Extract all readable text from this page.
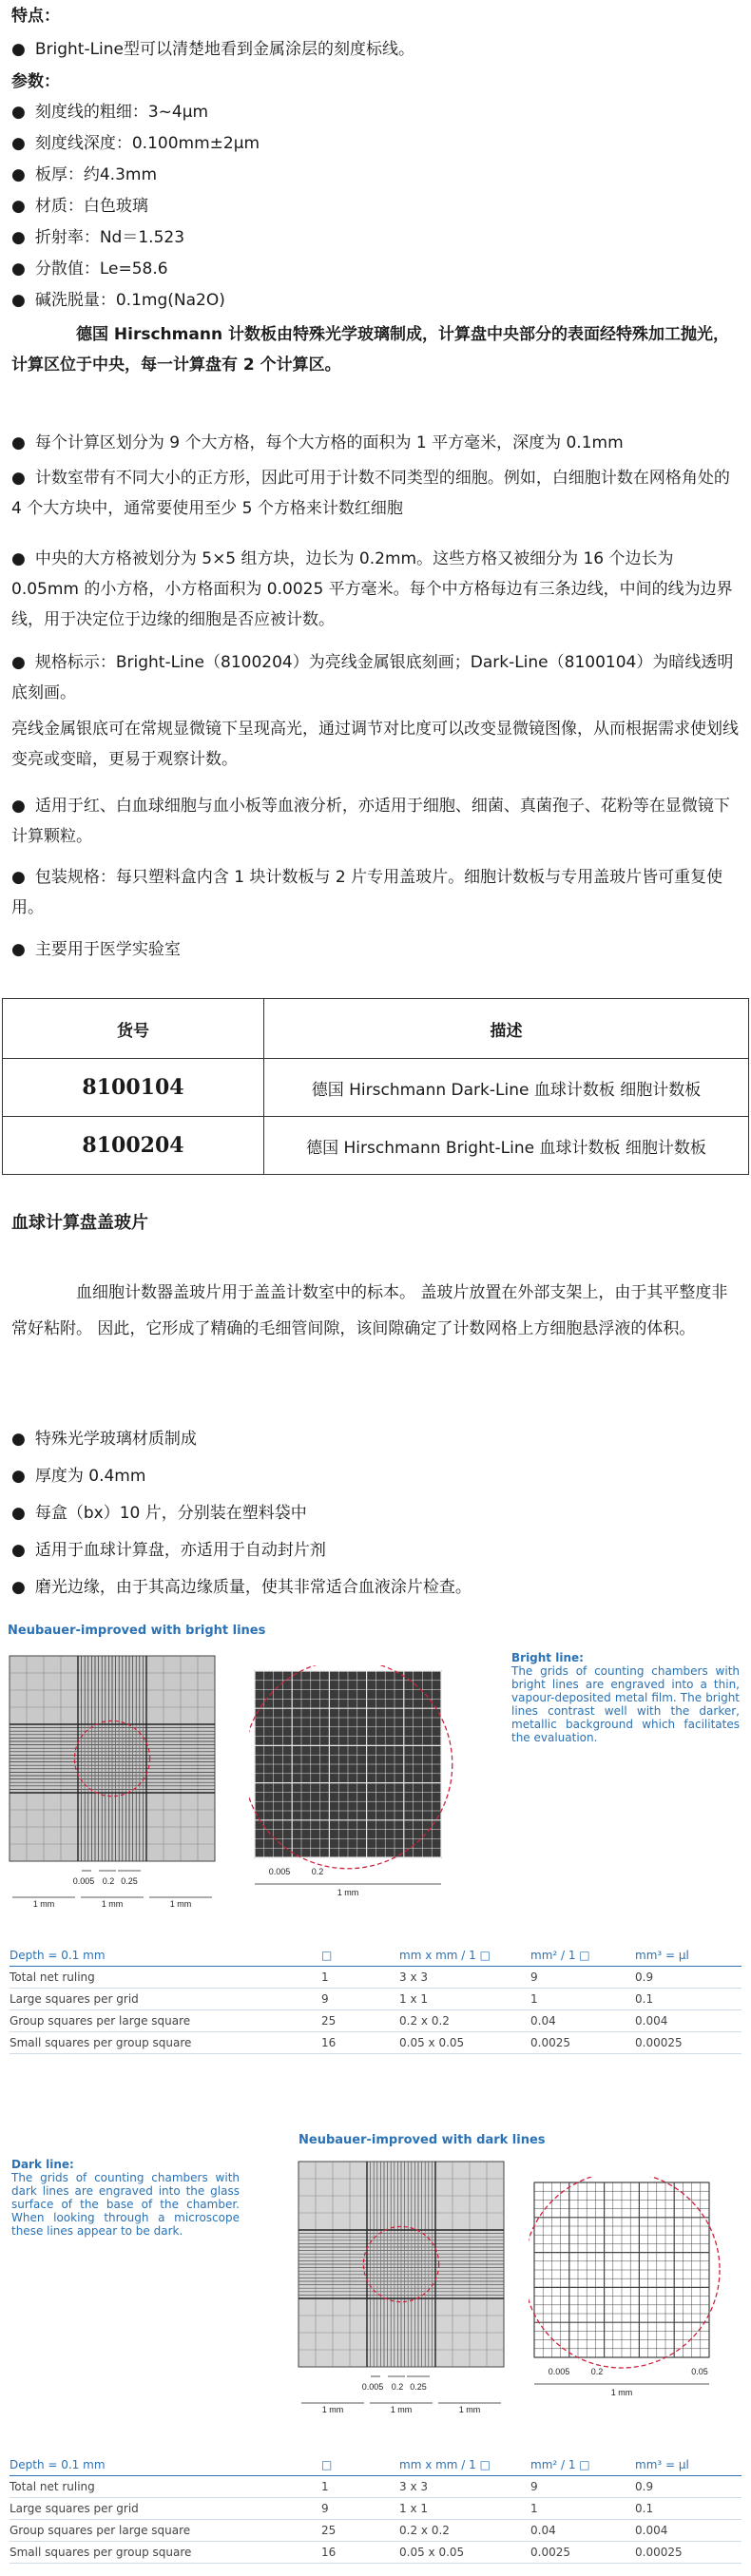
特点：
● Bright-Line型可以清楚地看到金属涂层的刻度标线。
参数：
● 刻度线的粗细：3~4μm
● 刻度线深度：0.100mm±2μm
● 板厚：约4.3mm
● 材质：白色玻璃
● 折射率：Nd＝1.523
● 分散值：Le=58.6
● 碱洗脱量：0.1mg(Na2O)
德国 Hirschmann 计数板由特殊光学玻璃制成，计算盘中央部分的表面经特殊加工抛光，计算区位于中央，每一计算盘有 2 个计算区。
● 每个计算区划分为 9 个大方格，每个大方格的面积为 1 平方毫米，深度为 0.1mm
● 计数室带有不同大小的正方形，因此可用于计数不同类型的细胞。例如，白细胞计数在网格角处的 4 个大方块中，通常要使用至少 5 个方格来计数红细胞
● 中央的大方格被划分为 5×5 组方块，边长为 0.2mm。这些方格又被细分为 16 个边长为 0.05mm 的小方格，小方格面积为 0.0025 平方毫米。每个中方格每边有三条边线，中间的线为边界线，用于决定位于边缘的细胞是否应被计数。
● 规格标示：Bright-Line（8100204）为亮线金属银底刻画；Dark-Line（8100104）为暗线透明底刻画。
亮线金属银底可在常规显微镜下呈现高光，通过调节对比度可以改变显微镜图像，从而根据需求使划线变亮或变暗，更易于观察计数。
● 适用于红、白血球细胞与血小板等血液分析，亦适用于细胞、细菌、真菌孢子、花粉等在显微镜下计算颗粒。
● 包装规格：每只塑料盒内含 1 块计数板与 2 片专用盖玻片。细胞计数板与专用盖玻片皆可重复使用。
● 主要用于医学实验室
货号	描述
8100104	德国 Hirschmann Dark-Line 血球计数板 细胞计数板
8100204	德国 Hirschmann Bright-Line 血球计数板 细胞计数板
血球计算盘盖玻片
血细胞计数器盖玻片用于盖盖计数室中的标本。 盖玻片放置在外部支架上，由于其平整度非常好粘附。 因此，它形成了精确的毛细管间隙，该间隙确定了计数网格上方细胞悬浮液的体积。
● 特殊光学玻璃材质制成
● 厚度为 0.4mm
● 每盒（bx）10 片，分别装在塑料袋中
● 适用于血球计算盘，亦适用于自动封片剂
● 磨光边缘，由于其高边缘质量，使其非常适合血液涂片检查。
Neubauer-improved with bright lines
0.005 0.2 0.25
1 mm	1 mm	1 mm
0.005 0.2
1 mm
Bright line:
The grids of counting chambers with bright lines are engraved into a thin, vapour-deposited metal film. The bright lines contrast well with the darker, metallic background which facilitates the evaluation.
Depth = 0.1 mm	□	mm x mm / 1 □	mm² / 1 □	mm³ = μl
Total net ruling	1	3 x 3	9	0.9
Large squares per grid	9	1 x 1	1	0.1
Group squares per large square	25	0.2 x 0.2	0.04	0.004
Small squares per group square	16	0.05 x 0.05	0.0025	0.00025
Neubauer-improved with dark lines
Dark line:
The grids of counting chambers with dark lines are engraved into the glass surface of the base of the chamber. When looking through a microscope these lines appear to be dark.
0.005 0.2 0.25
1 mm	1 mm	1 mm
0.005 0.2	0.05
1 mm
Depth = 0.1 mm	□	mm x mm / 1 □	mm² / 1 □	mm³ = μl
Total net ruling	1	3 x 3	9	0.9
Large squares per grid	9	1 x 1	1	0.1
Group squares per large square	25	0.2 x 0.2	0.04	0.004
Small squares per group square	16	0.05 x 0.05	0.0025	0.00025
